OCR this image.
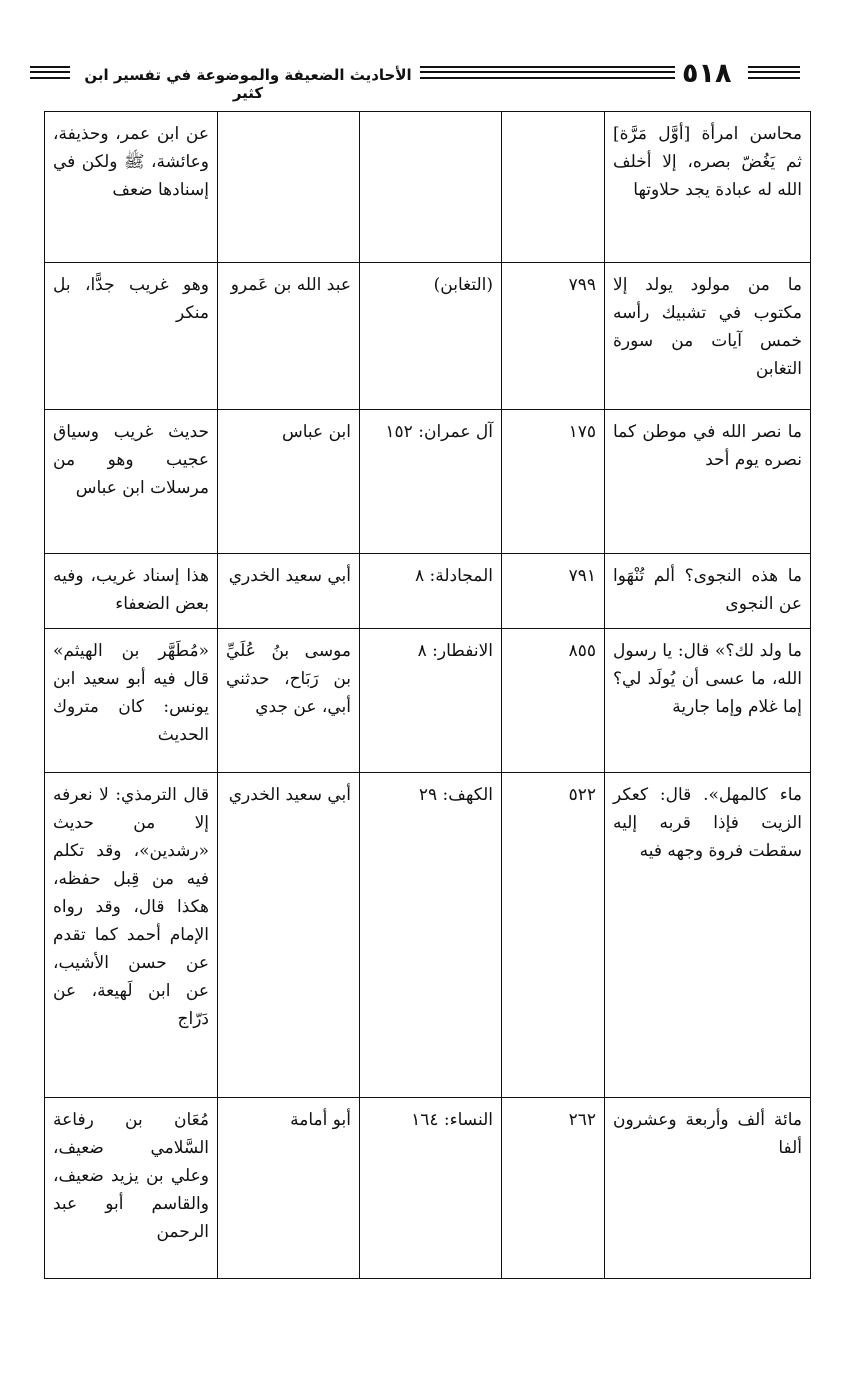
٥١٨
الأحاديث الضعيفة والموضوعة في تفسير ابن كثير
محاسن امرأة [أوَّل مَرَّة] ثم يَغُضّ بصره، إلا أخلف الله له عبادة يجد حلاوتها				عن ابن عمر، وحذيفة، وعائشة، ﷺ ولكن في إسنادها ضعف
ما من مولود يولد إلا مكتوب في تشبيك رأسه خمس آيات من سورة التغابن	٧٩٩	(التغابن)	عبد الله بن عَمرو	وهو غريب جدًّا، بل منكر
ما نصر الله في موطن كما نصره يوم أحد	١٧٥	آل عمران: ١٥٢	ابن عباس	حديث غريب وسياق عجيب وهو من مرسلات ابن عباس
ما هذه النجوى؟ ألم تُنْهَوا عن النجوى	٧٩١	المجادلة: ٨	أبي سعيد الخدري	هذا إسناد غريب، وفيه بعض الضعفاء
ما ولد لك؟» قال: يا رسول الله، ما عسى أن يُولَد لي؟ إما غلام وإما جارية	٨٥٥	الانفطار: ٨	موسى بنُ عُلَيِّ بن رَبَاح، حدثني أبي، عن جدي	«مُطَهَّر بن الهيثم» قال فيه أبو سعيد ابن يونس: كان متروك الحديث
ماء كالمهل». قال: كعكر الزيت فإذا قربه إليه سقطت فروة وجهه فيه	٥٢٢	الكهف: ٢٩	أبي سعيد الخدري	قال الترمذي: لا نعرفه إلا من حديث «رشدين»، وقد تكلم فيه من قِبل حفظه، هكذا قال، وقد رواه الإمام أحمد كما تقدم عن حسن الأشيب، عن ابن لَهيعة، عن دَرّاج
مائة ألف وأربعة وعشرون ألفا	٢٦٢	النساء: ١٦٤	أبو أمامة	مُعَان بن رفاعة السَّلامي ضعيف، وعلي بن يزيد ضعيف، والقاسم أبو عبد الرحمن
